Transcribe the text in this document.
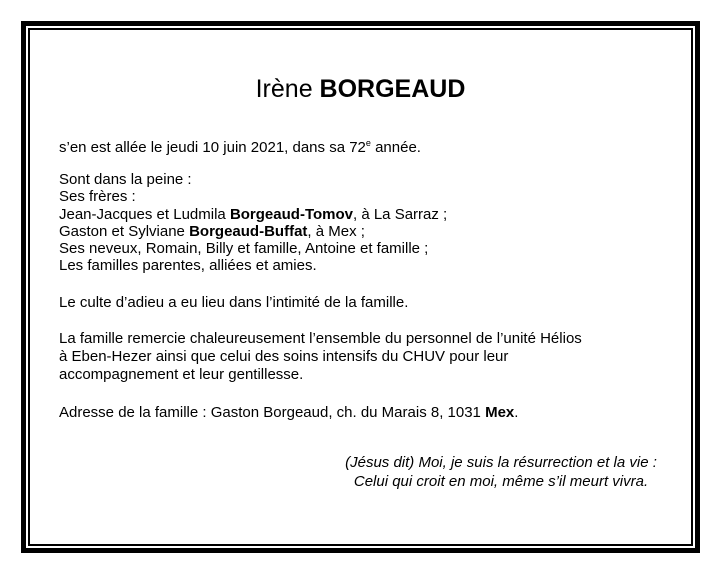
Irène BORGEAUD
s’en est allée le jeudi 10 juin 2021, dans sa 72e année.
Sont dans la peine :
Ses frères :
Jean-Jacques et Ludmila Borgeaud-Tomov, à La Sarraz ;
Gaston et Sylviane Borgeaud-Buffat, à Mex ;
Ses neveux, Romain, Billy et famille, Antoine et famille ;
Les familles parentes, alliées et amies.
Le culte d’adieu a eu lieu dans l’intimité de la famille.
La famille remercie chaleureusement l’ensemble du personnel de l’unité Hélios
à Eben-Hezer ainsi que celui des soins intensifs du CHUV pour leur
accompagnement et leur gentillesse.
Adresse de la famille : Gaston Borgeaud, ch. du Marais 8, 1031 Mex.
(Jésus dit) Moi, je suis la résurrection et la vie :
Celui qui croit en moi, même s’il meurt vivra.
